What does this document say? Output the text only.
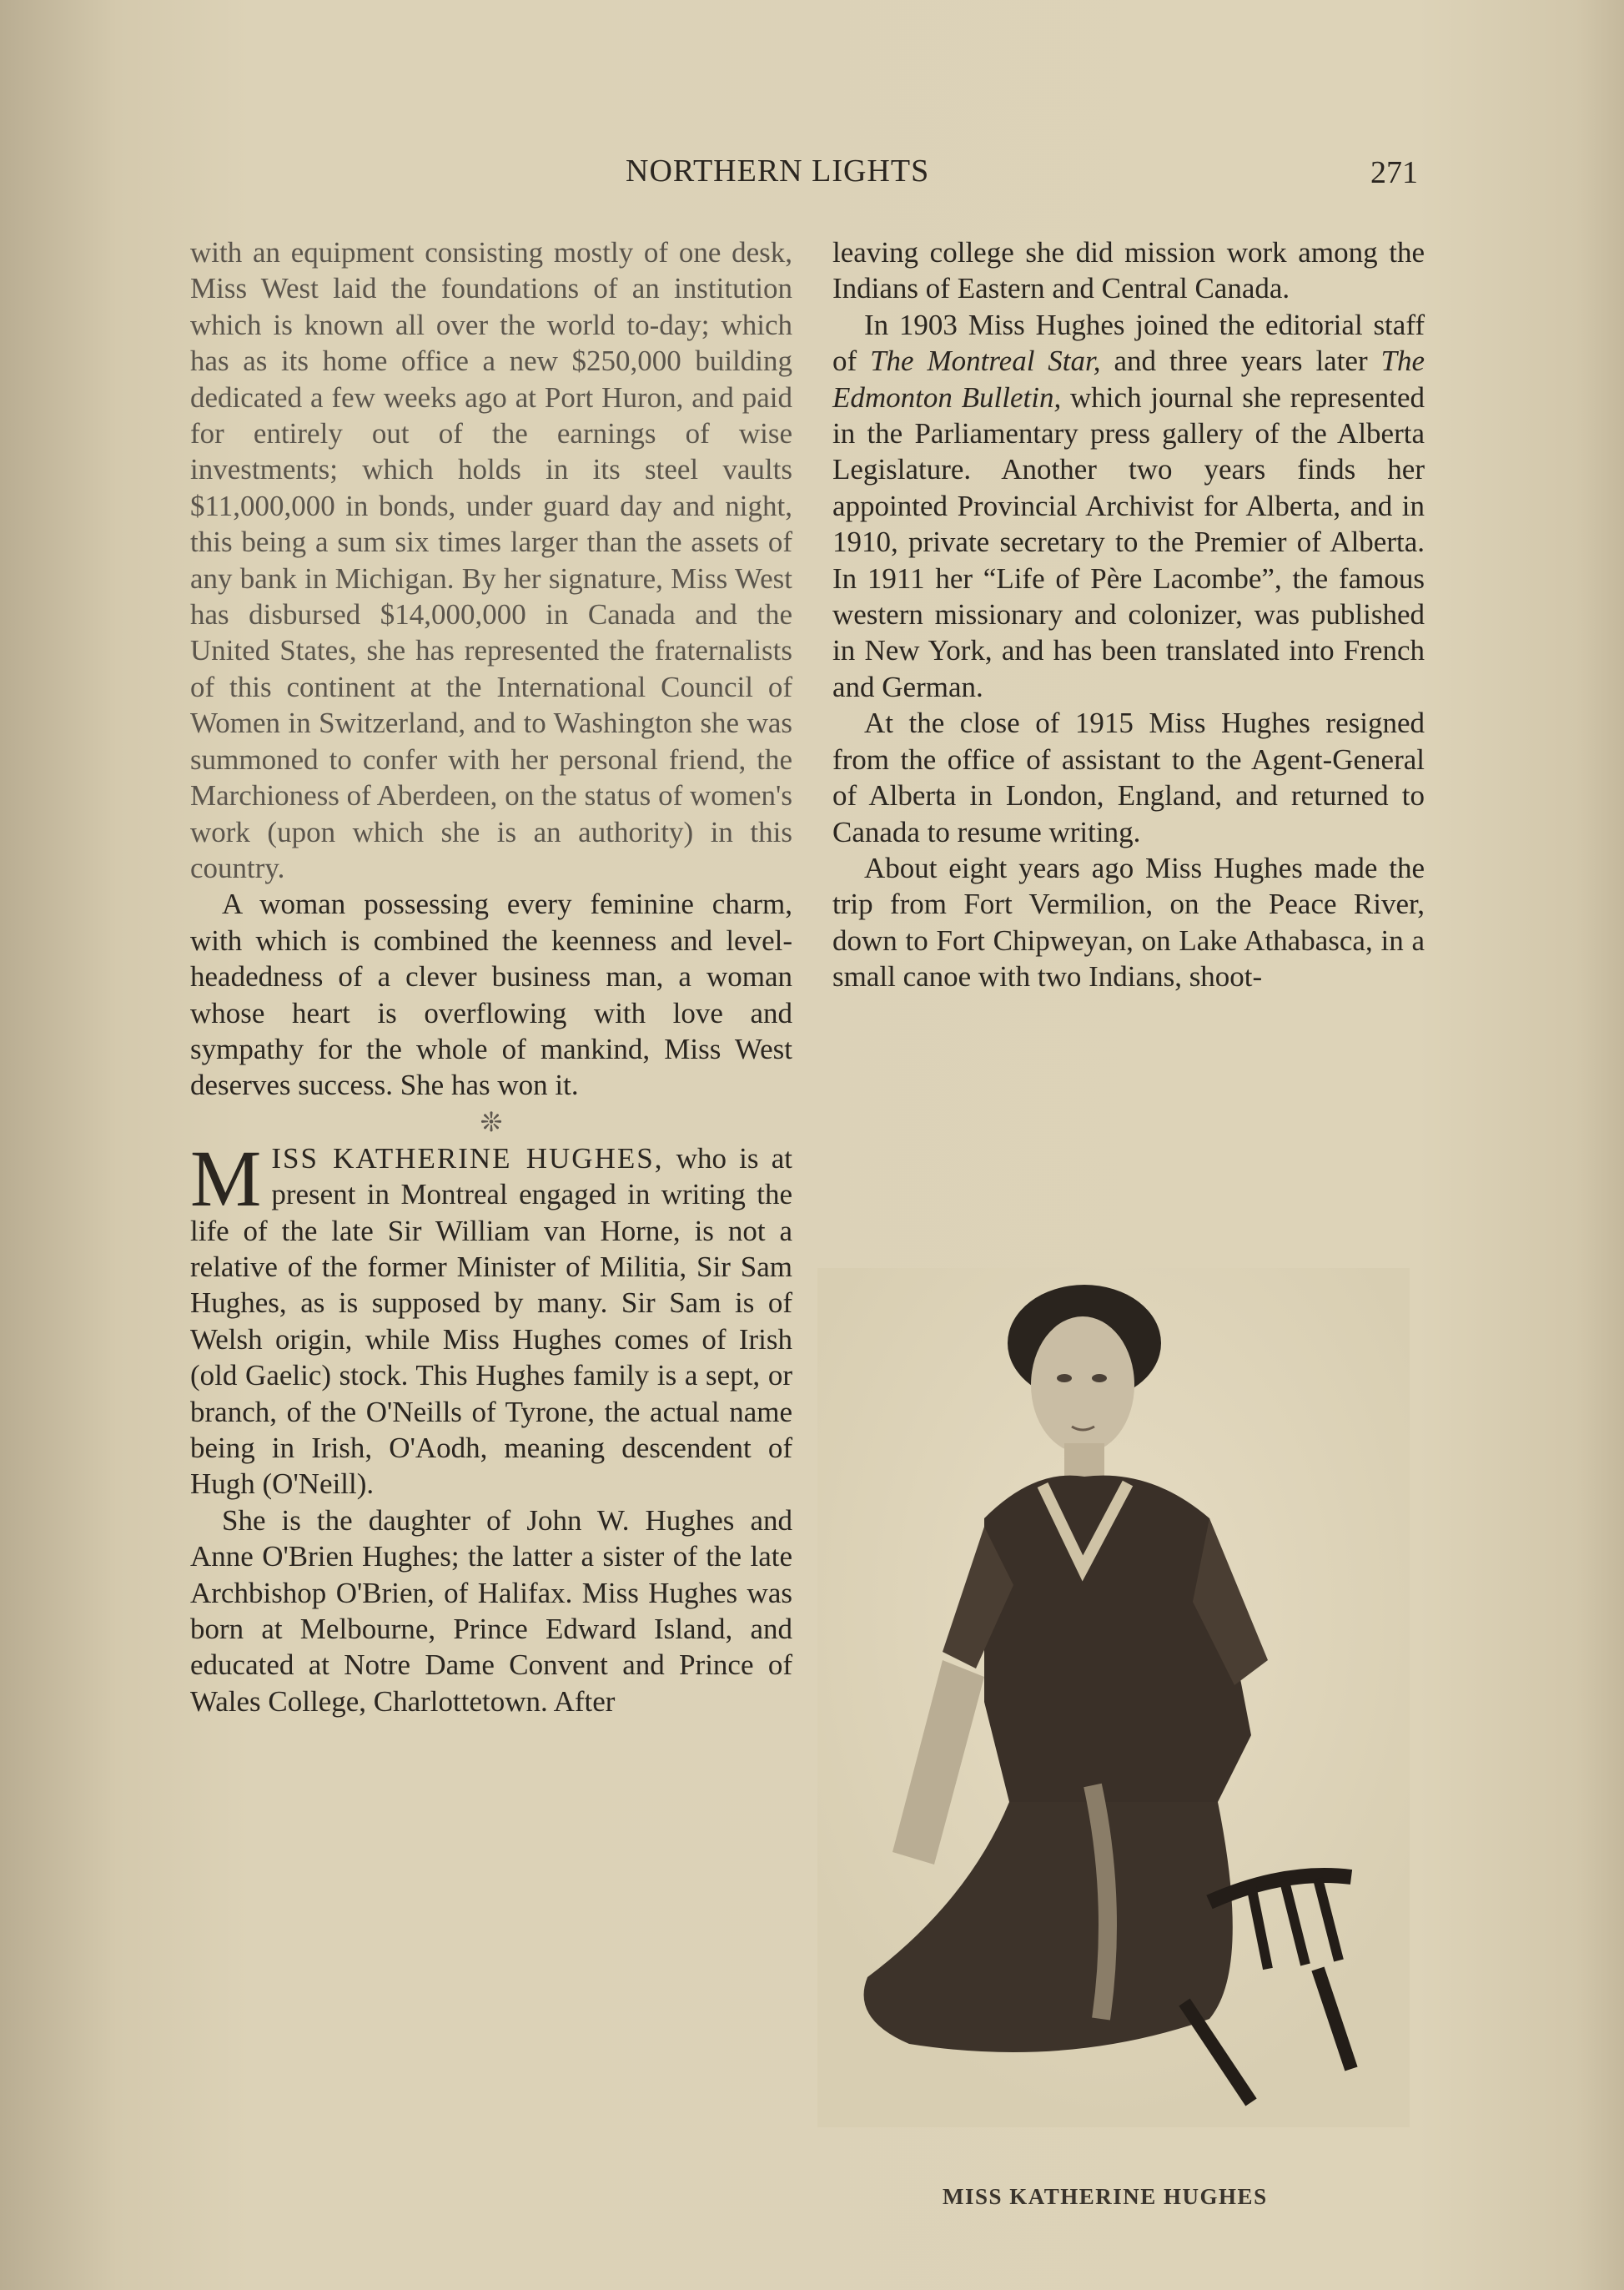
NORTHERN LIGHTS	271

with an equipment consisting mostly of one desk, Miss West laid the foundations of an institution which is known all over the world to-day; which has as its home office a new $250,000 building dedicated a few weeks ago at Port Huron, and paid for entirely out of the earnings of wise investments; which holds in its steel vaults $11,000,000 in bonds, under guard day and night, this being a sum six times larger than the assets of any bank in Michigan. By her signature, Miss West has disbursed $14,000,000 in Canada and the United States, she has represented the fraternalists of this continent at the International Council of Women in Switzerland, and to Washington she was summoned to confer with her personal friend, the Marchioness of Aberdeen, on the status of women's work (upon which she is an authority) in this country.

A woman possessing every feminine charm, with which is combined the keenness and level-headedness of a clever business man, a woman whose heart is overflowing with love and sympathy for the whole of mankind, Miss West deserves success. She has won it.

❊

MISS KATHERINE HUGHES, who is at present in Montreal engaged in writing the life of the late Sir William van Horne, is not a relative of the former Minister of Militia, Sir Sam Hughes, as is supposed by many. Sir Sam is of Welsh origin, while Miss Hughes comes of Irish (old Gaelic) stock. This Hughes family is a sept, or branch, of the O'Neills of Tyrone, the actual name being in Irish, O'Aodh, meaning descendent of Hugh (O'Neill).

She is the daughter of John W. Hughes and Anne O'Brien Hughes; the latter a sister of the late Archbishop O'Brien, of Halifax. Miss Hughes was born at Melbourne, Prince Edward Island, and educated at Notre Dame Convent and Prince of Wales College, Charlottetown. After

leaving college she did mission work among the Indians of Eastern and Central Canada.

In 1903 Miss Hughes joined the editorial staff of The Montreal Star, and three years later The Edmonton Bulletin, which journal she represented in the Parliamentary press gallery of the Alberta Legislature. Another two years finds her appointed Provincial Archivist for Alberta, and in 1910, private secretary to the Premier of Alberta. In 1911 her “Life of Père Lacombe”, the famous western missionary and colonizer, was published in New York, and has been translated into French and German.

At the close of 1915 Miss Hughes resigned from the office of assistant to the Agent-General of Alberta in London, England, and returned to Canada to resume writing.

About eight years ago Miss Hughes made the trip from Fort Vermilion, on the Peace River, down to Fort Chipweyan, on Lake Athabasca, in a small canoe with two Indians, shoot-

MISS KATHERINE HUGHES
